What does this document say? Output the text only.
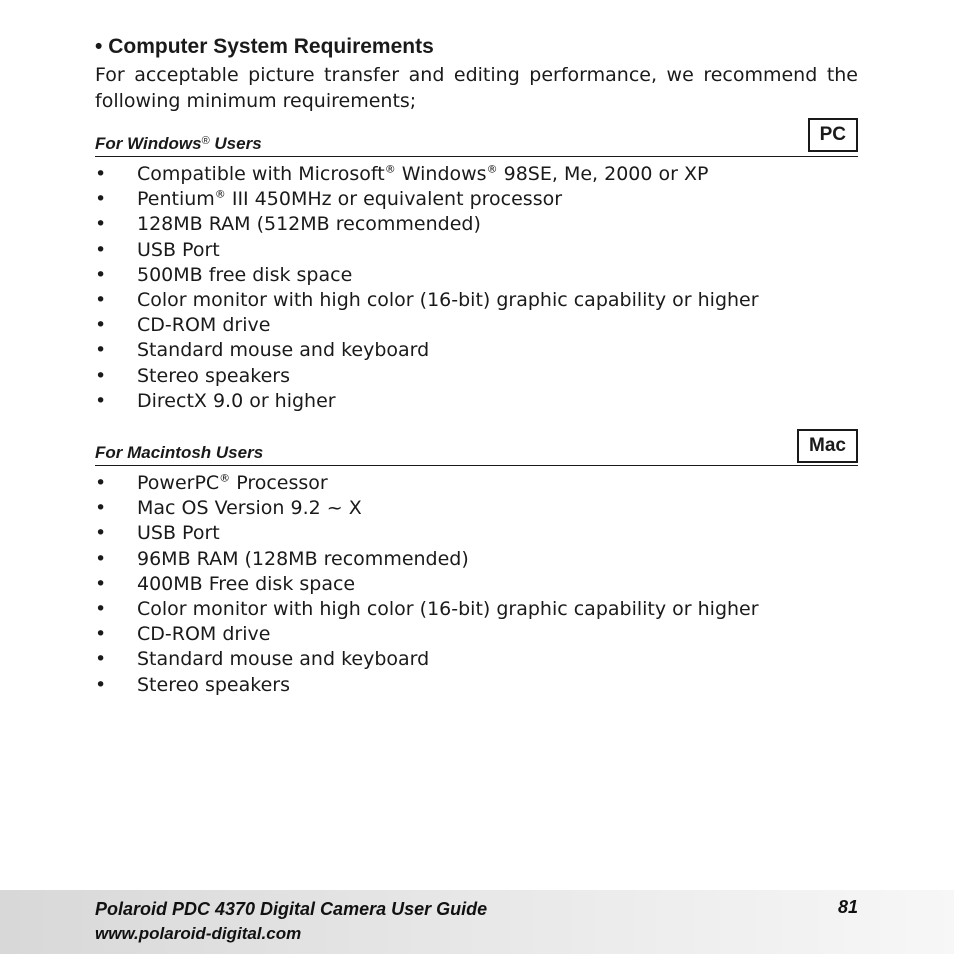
• Computer System Requirements

For acceptable picture transfer and editing performance, we recommend the following minimum requirements;

For Windows® Users	PC
• Compatible with Microsoft® Windows® 98SE, Me, 2000 or XP
• Pentium® III 450MHz or equivalent processor
• 128MB RAM (512MB recommended)
• USB Port
• 500MB free disk space
• Color monitor with high color (16-bit) graphic capability or higher
• CD-ROM drive
• Standard mouse and keyboard
• Stereo speakers
• DirectX 9.0 or higher
For Macintosh Users	Mac
• PowerPC® Processor
• Mac OS Version 9.2 ~ X
• USB Port
• 96MB RAM (128MB recommended)
• 400MB Free disk space
• Color monitor with high color (16-bit) graphic capability or higher
• CD-ROM drive
• Standard mouse and keyboard
• Stereo speakers
Polaroid PDC 4370 Digital Camera User Guide
www.polaroid-digital.com
81
